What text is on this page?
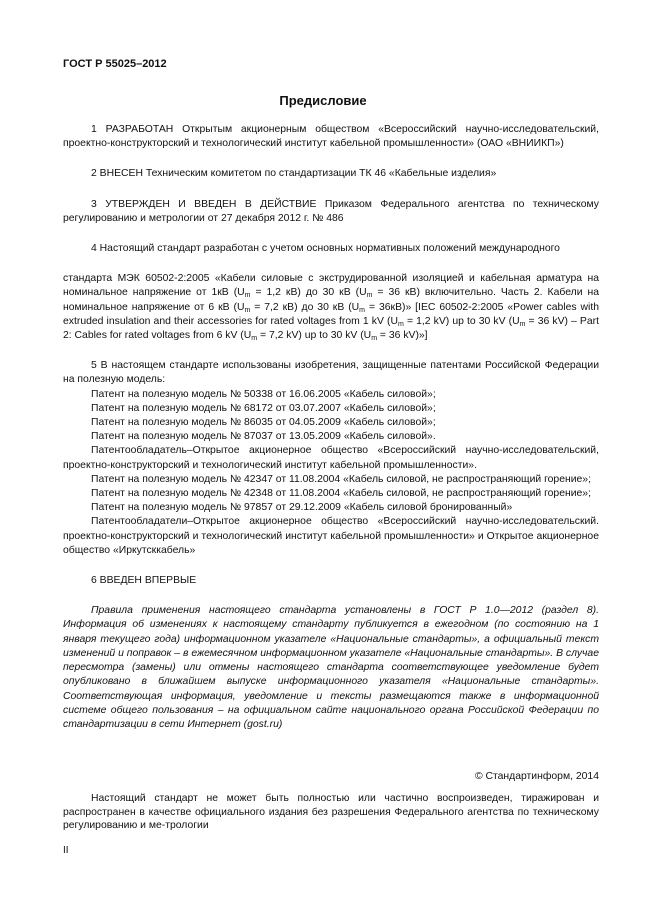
ГОСТ Р 55025–2012
Предисловие

1 РАЗРАБОТАН Открытым акционерным обществом «Всероссийский научно-исследовательский, проектно-конструкторский и технологический институт кабельной промышленности» (ОАО «ВНИИКП»)

2 ВНЕСЕН Техническим комитетом по стандартизации ТК 46 «Кабельные изделия»

3 УТВЕРЖДЕН И ВВЕДЕН В ДЕЙСТВИЕ Приказом Федерального агентства по техническому регулированию и метрологии от 27 декабря 2012 г. № 486

4 Настоящий стандарт разработан с учетом основных нормативных положений международного

стандарта МЭК 60502-2:2005 «Кабели силовые с экструдированной изоляцией и кабельная арматура на номинальное напряжение от 1кВ ($U_m = 1,2$ кВ) до 30 кВ ($U_m = 36$ кВ) включительно. Часть 2. Кабели на номинальное напряжение от 6 кВ ($U_m = 7,2$ кВ) до 30 кВ $(U_m = 36кВ)$» [IEC 60502-2:2005 «Power cables with extruded insulation and their accessories for rated voltages from 1 kV ($U_m = 1,2$ kV) up to 30 kV ($U_m = 36$ kV) – Part 2: Cables for rated voltages from 6 kV ($U_m = 7,2$ kV) up to 30 kV ($U_m = 36$ kV)»]

5 В настоящем стандарте использованы изобретения, защищенные патентами Российской Федерации на полезную модель:

Патент на полезную модель № 50338 от 16.06.2005 «Кабель силовой»;

Патент на полезную модель № 68172 от 03.07.2007 «Кабель силовой»;

Патент на полезную модель № 86035 от 04.05.2009 «Кабель силовой»;

Патент на полезную модель № 87037 от 13.05.2009 «Кабель силовой».

Патентообладатель–Открытое акционерное общество «Всероссийский научно-исследовательский, проектно-конструкторский и технологический институт кабельной промышленности».

Патент на полезную модель № 42347 от 11.08.2004 «Кабель силовой, не распространяющий горение»;

Патент на полезную модель № 42348 от 11.08.2004 «Кабель силовой, не распространяющий горение»;

Патент на полезную модель № 97857 от 29.12.2009 «Кабель силовой бронированный»

Патентообладатели–Открытое акционерное общество «Всероссийский научно-исследовательский. проектно-конструкторский и технологический институт кабельной промышленности» и Открытое акционерное общество «Иркутсккабель»

6 ВВЕДЕН ВПЕРВЫЕ

Правила применения настоящего стандарта установлены в ГОСТ Р 1.0—2012 (раздел 8). Информация об изменениях к настоящему стандарту публикуется в ежегодном (по состоянию на 1 января текущего года) информационном указателе «Национальные стандарты», а официальный текст изменений и поправок – в ежемесячном информационном указателе «Национальные стандарты». В случае пересмотра (замены) или отмены настоящего стандарта соответствующее уведомление будет опубликовано в ближайшем выпуске информационного указателя «Национальные стандарты». Соответствующая информация, уведомление и тексты размещаются также в информационной системе общего пользования – на официальном сайте национального органа Российской Федерации по стандартизации в сети Интернет (gost.ru)

© Стандартинформ, 2014
Настоящий стандарт не может быть полностью или частично воспроизведен, тиражирован и распространен в качестве официального издания без разрешения Федерального агентства по техническому регулированию и ме-трологии
II
